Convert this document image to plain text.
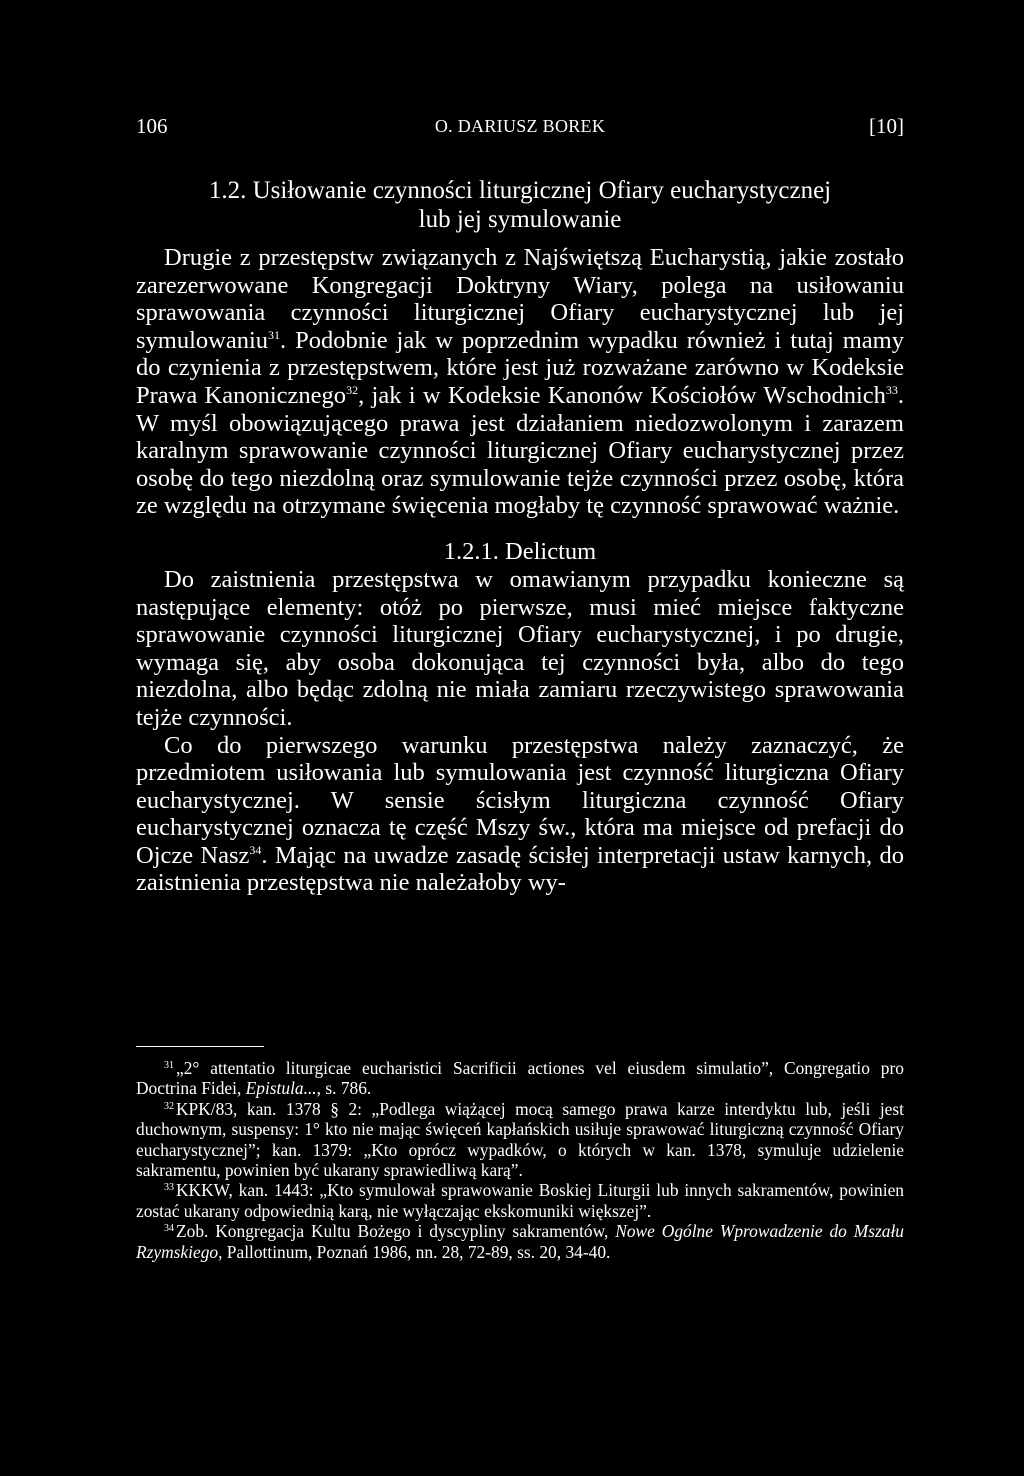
106	O. DARIUSZ BOREK	[10]
1.2. Usiłowanie czynności liturgicznej Ofiary eucharystycznej
lub jej symulowanie

Drugie z przestępstw związanych z Najświętszą Eucharystią, jakie zostało zarezerwowane Kongregacji Doktryny Wiary, polega na usiłowaniu sprawowania czynności liturgicznej Ofiary eucharystycznej lub jej symulowaniu$^{31}$. Podobnie jak w poprzednim wypadku również i tutaj mamy do czynienia z przestępstwem, które jest już rozważane zarówno w Kodeksie Prawa Kanonicznego$^{32}$, jak i w Kodeksie Kanonów Kościołów Wschodnich$^{33}$. W myśl obowiązującego prawa jest działaniem niedozwolonym i zarazem karalnym sprawowanie czynności liturgicznej Ofiary eucharystycznej przez osobę do tego niezdolną oraz symulowanie tejże czynności przez osobę, która ze względu na otrzymane święcenia mogłaby tę czynność sprawować ważnie.

1.2.1. Delictum

Do zaistnienia przestępstwa w omawianym przypadku konieczne są następujące elementy: otóż po pierwsze, musi mieć miejsce faktyczne sprawowanie czynności liturgicznej Ofiary eucharystycznej, i po drugie, wymaga się, aby osoba dokonująca tej czynności była, albo do tego niezdolna, albo będąc zdolną nie miała zamiaru rzeczywistego sprawowania tejże czynności.

Co do pierwszego warunku przestępstwa należy zaznaczyć, że przedmiotem usiłowania lub symulowania jest czynność liturgiczna Ofiary eucharystycznej. W sensie ścisłym liturgiczna czynność Ofiary eucharystycznej oznacza tę część Mszy św., która ma miejsce od prefacji do Ojcze Nasz$^{34}$. Mając na uwadze zasadę ścisłej interpretacji ustaw karnych, do zaistnienia przestępstwa nie należałoby wy-

$^{31}$ „2° attentatio liturgicae eucharistici Sacrificii actiones vel eiusdem simulatio”, Congregatio pro Doctrina Fidei, Epistula..., s. 786.

$^{32}$ KPK/83, kan. 1378 § 2: „Podlega wiążącej mocą samego prawa karze interdyktu lub, jeśli jest duchownym, suspensy: 1° kto nie mając święceń kapłańskich usiłuje sprawować liturgiczną czynność Ofiary eucharystycznej”; kan. 1379: „Kto oprócz wypadków, o których w kan. 1378, symuluje udzielenie sakramentu, powinien być ukarany sprawiedliwą karą”.

$^{33}$ KKKW, kan. 1443: „Kto symulował sprawowanie Boskiej Liturgii lub innych sakramentów, powinien zostać ukarany odpowiednią karą, nie wyłączając ekskomuniki większej”.

$^{34}$ Zob. Kongregacja Kultu Bożego i dyscypliny sakramentów, Nowe Ogólne Wprowadzenie do Mszału Rzymskiego, Pallottinum, Poznań 1986, nn. 28, 72-89, ss. 20, 34-40.
